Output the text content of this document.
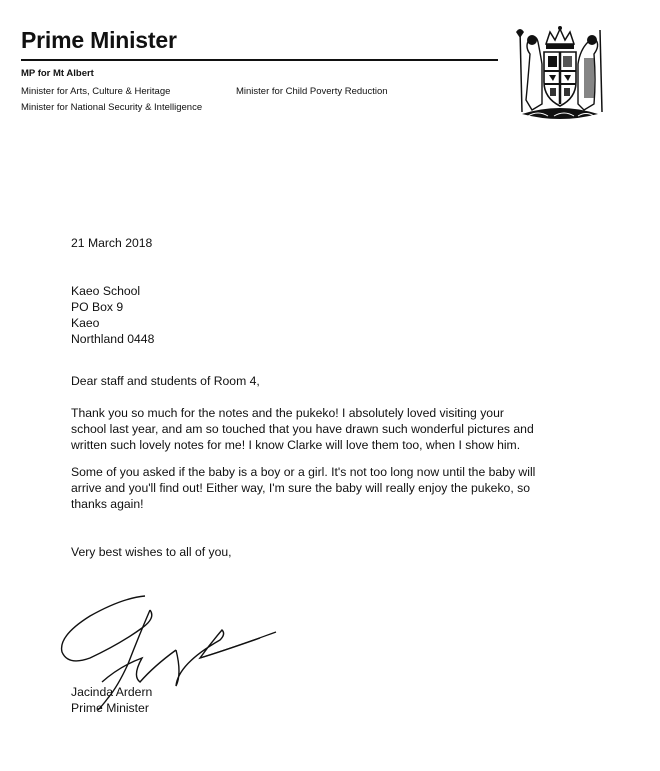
Prime Minister
MP for Mt Albert
Minister for Arts, Culture & Heritage
Minister for National Security & Intelligence
Minister for Child Poverty Reduction
21 March 2018
Kaeo School
PO Box 9
Kaeo
Northland 0448
Dear staff and students of Room 4,
Thank you so much for the notes and the pukeko! I absolutely loved visiting your school last year, and am so touched that you have drawn such wonderful pictures and written such lovely notes for me! I know Clarke will love them too, when I show him.
Some of you asked if the baby is a boy or a girl. It's not too long now until the baby will arrive and you'll find out! Either way, I'm sure the baby will really enjoy the pukeko, so thanks again!
Very best wishes to all of you,
Jacinda Ardern
Prime Minister
